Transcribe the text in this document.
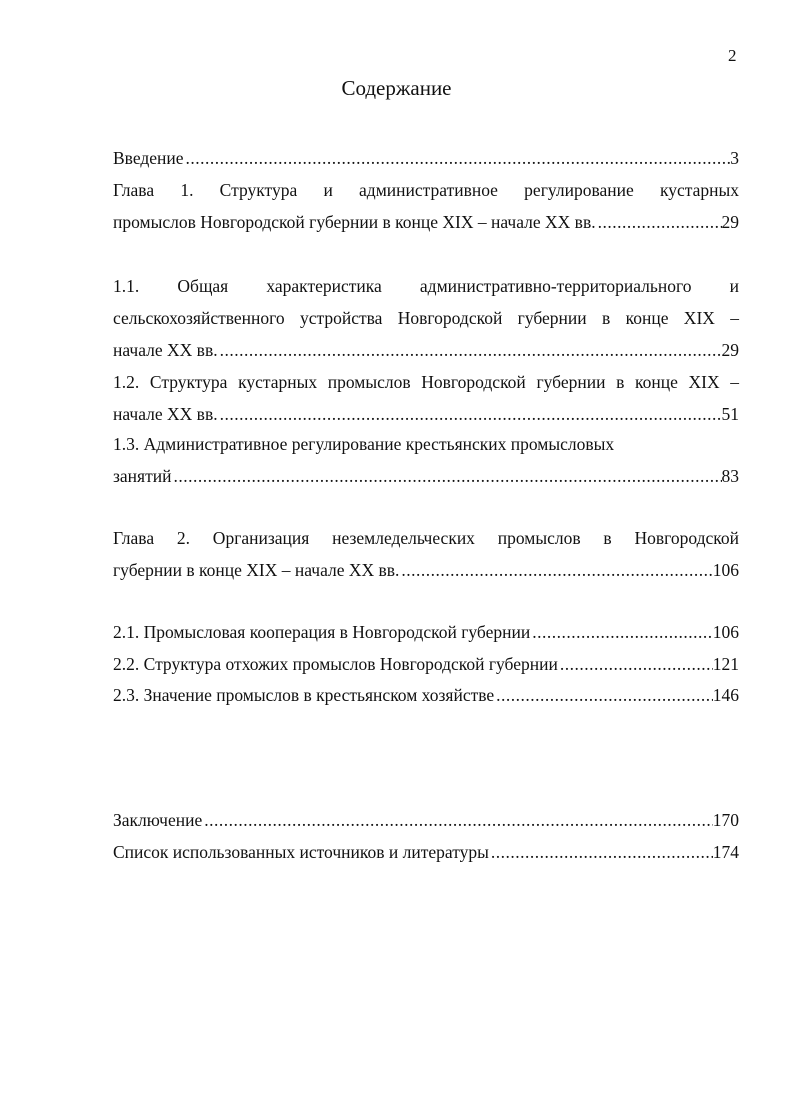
2
Содержание
Введение .....	3
Глава 1. Структура и административное регулирование кустарных
промыслов Новгородской губернии в конце XIX – начале XX вв. .....	29
1.1. Общая характеристика административно-территориального и
сельскохозяйственного устройства Новгородской губернии в конце XIX –
начале XX вв. .....	29
1.2. Структура кустарных промыслов Новгородской губернии в конце XIX –
начале XX вв. .....	51
1.3. Административное регулирование крестьянских промысловых
занятий .....	83
Глава 2. Организация неземледельческих промыслов в Новгородской
губернии в конце XIX – начале XX вв. .....	106
2.1. Промысловая кооперация в Новгородской губернии .....	106
2.2. Структура отхожих промыслов Новгородской губернии .....	121
2.3. Значение промыслов в крестьянском хозяйстве .....	146
Заключение .....	170
Список использованных источников и литературы .....	174
